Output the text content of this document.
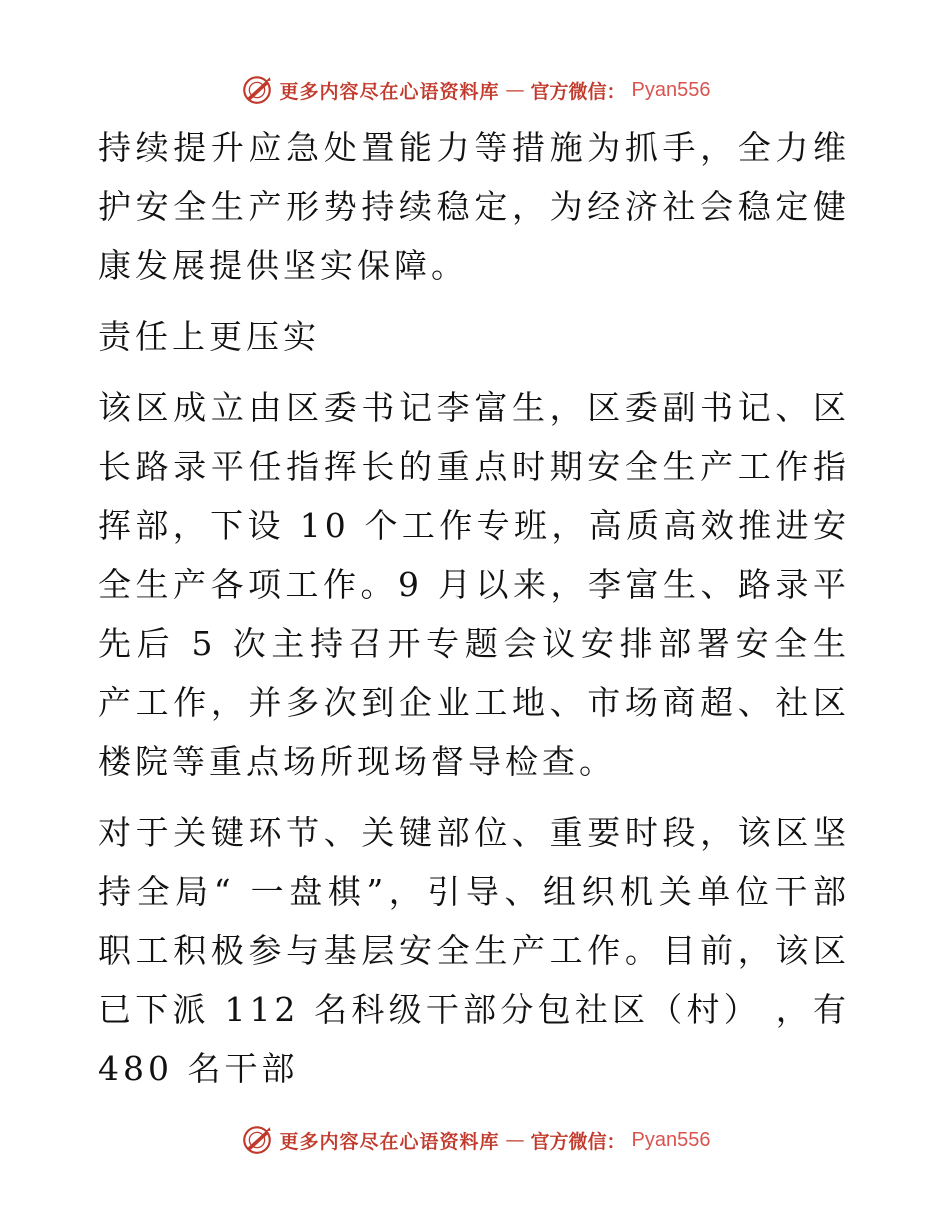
更多内容尽在心语资料库 — 官方微信： Pyan556

持续提升应急处置能力等措施为抓手，全力维护安全生产形势持续稳定，为经济社会稳定健康发展提供坚实保障。

责任上更压实

该区成立由区委书记李富生，区委副书记、区长路录平任指挥长的重点时期安全生产工作指挥部，下设 10 个工作专班，高质高效推进安全生产各项工作。9 月以来，李富生、路录平先后 5 次主持召开专题会议安排部署安全生产工作，并多次到企业工地、市场商超、社区楼院等重点场所现场督导检查。

对于关键环节、关键部位、重要时段，该区坚持全局“ 一盘棋”，引导、组织机关单位干部职工积极参与基层安全生产工作。目前，该区已下派 112 名科级干部分包社区（村） ，有 480 名干部

更多内容尽在心语资料库 — 官方微信： Pyan556
